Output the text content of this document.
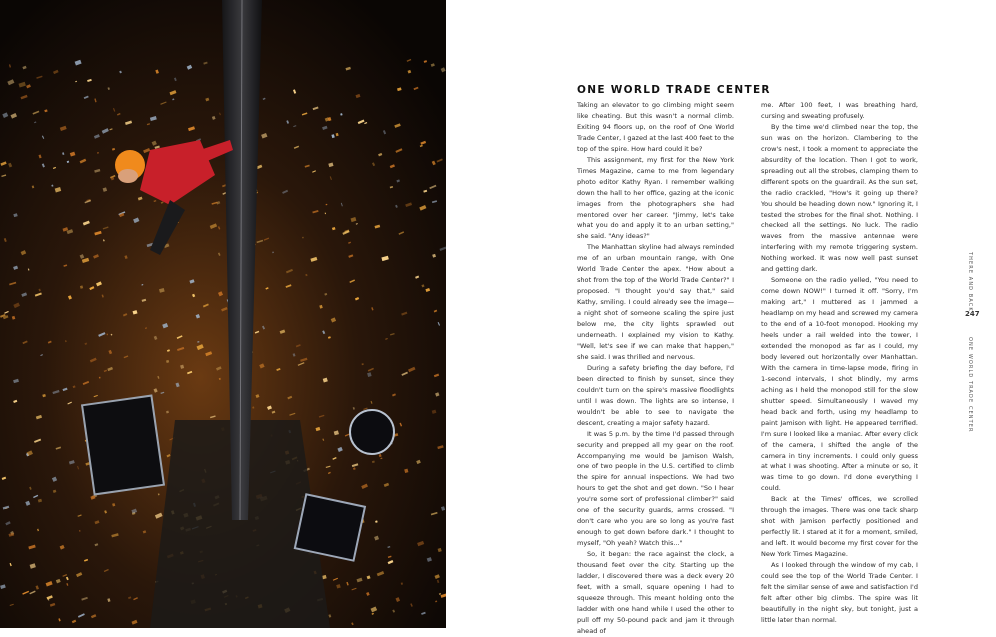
ONE WORLD TRADE CENTER

Taking an elevator to go climbing might seem like cheating. But this wasn't a normal climb. Exiting 94 floors up, on the roof of One World Trade Center, I gazed at the last 400 feet to the top of the spire. How hard could it be?

This assignment, my first for the New York Times Magazine, came to me from legendary photo editor Kathy Ryan. I remember walking down the hall to her office, gazing at the iconic images from the photographers she had mentored over her career. "Jimmy, let's take what you do and apply it to an urban setting," she said. "Any ideas?"

The Manhattan skyline had always reminded me of an urban mountain range, with One World Trade Center the apex. "How about a shot from the top of the World Trade Center?" I proposed. "I thought you'd say that," said Kathy, smiling. I could already see the image—a night shot of someone scaling the spire just below me, the city lights sprawled out underneath. I explained my vision to Kathy. "Well, let's see if we can make that happen," she said. I was thrilled and nervous.

During a safety briefing the day before, I'd been directed to finish by sunset, since they couldn't turn on the spire's massive floodlights until I was down. The lights are so intense, I wouldn't be able to see to navigate the descent, creating a major safety hazard.

It was 5 p.m. by the time I'd passed through security and prepped all my gear on the roof. Accompanying me would be Jamison Walsh, one of two people in the U.S. certified to climb the spire for annual inspections. We had two hours to get the shot and get down. "So I hear you're some sort of professional climber?" said one of the security guards, arms crossed. "I don't care who you are so long as you're fast enough to get down before dark." I thought to myself, "Oh yeah? Watch this..."

So, it began: the race against the clock, a thousand feet over the city. Starting up the ladder, I discovered there was a deck every 20 feet, with a small, square opening I had to squeeze through. This meant holding onto the ladder with one hand while I used the other to pull off my 50-pound pack and jam it through ahead of

me. After 100 feet, I was breathing hard, cursing and sweating profusely.

By the time we'd climbed near the top, the sun was on the horizon. Clambering to the crow's nest, I took a moment to appreciate the absurdity of the location. Then I got to work, spreading out all the strobes, clamping them to different spots on the guardrail. As the sun set, the radio crackled, "How's it going up there? You should be heading down now." Ignoring it, I tested the strobes for the final shot. Nothing. I checked all the settings. No luck. The radio waves from the massive antennae were interfering with my remote triggering system. Nothing worked. It was now well past sunset and getting dark.

Someone on the radio yelled, "You need to come down NOW!" I turned it off. "Sorry, I'm making art," I muttered as I jammed a headlamp on my head and screwed my camera to the end of a 10-foot monopod. Hooking my heels under a rail welded into the tower, I extended the monopod as far as I could, my body levered out horizontally over Manhattan. With the camera in time-lapse mode, firing in 1-second intervals, I shot blindly, my arms aching as I held the monopod still for the slow shutter speed. Simultaneously I waved my head back and forth, using my headlamp to paint Jamison with light. He appeared terrified. I'm sure I looked like a maniac. After every click of the camera, I shifted the angle of the camera in tiny increments. I could only guess at what I was shooting. After a minute or so, it was time to go down. I'd done everything I could.

Back at the Times' offices, we scrolled through the images. There was one tack sharp shot with Jamison perfectly positioned and perfectly lit. I stared at it for a moment, smiled, and left. It would become my first cover for the New York Times Magazine.

As I looked through the window of my cab, I could see the top of the World Trade Center. I felt the similar sense of awe and satisfaction I'd felt after other big climbs. The spire was lit beautifully in the night sky, but tonight, just a little later than normal.

THERE AND BACK
247
ONE WORLD TRADE CENTER
